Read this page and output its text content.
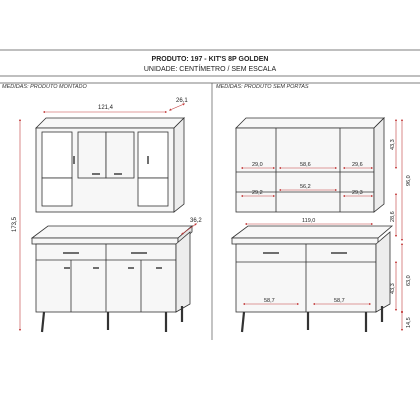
PRODUTO: 197 - KIT'S 8P GOLDEN
UNIDADE: CENTÍMETRO / SEM ESCALA
MEDIDAS: PRODUTO MONTADO	MEDIDAS: PRODUTO SEM PORTAS
121,4
26,1
173,5	36,2
29,0	58,6	29,6
29,2
56,2
29,3
119,0
58,7	58,7
43,3
96,0
28,6
63,0
43,3
14,5
